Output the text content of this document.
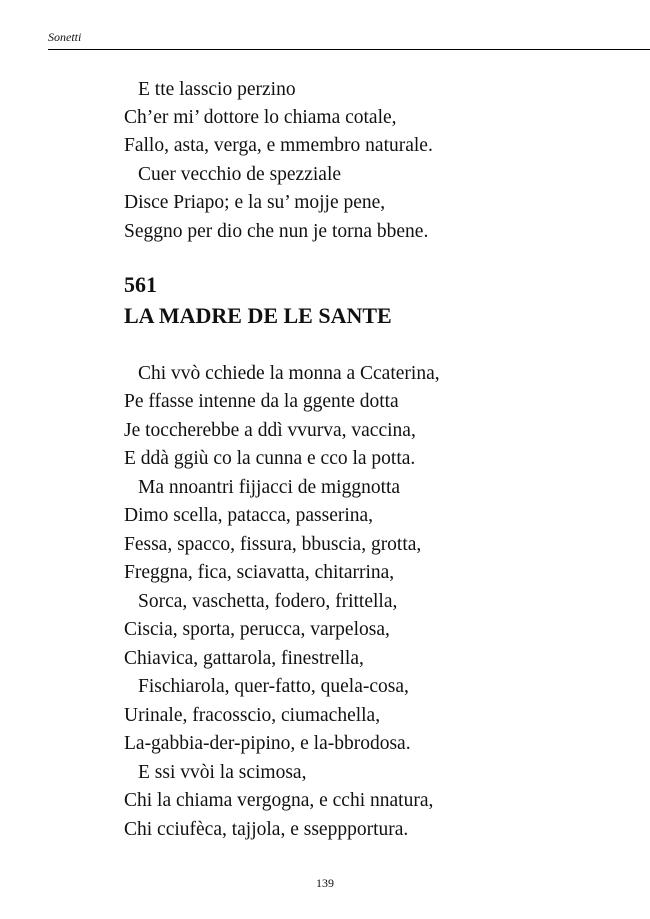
Sonetti
E tte lasscio perzino
Ch’er mi’ dottore lo chiama cotale,
Fallo, asta, verga, e mmembro naturale.
Cuer vecchio de spezziale
Disce Priapo; e la su’ mojje pene,
Seggno per dio che nun je torna bbene.
561
LA MADRE DE LE SANTE
Chi vvò cchiede la monna a Ccaterina,
Pe ffasse intenne da la ggente dotta
Je toccherebbe a ddì vvurva, vaccina,
E ddà ggiù co la cunna e cco la potta.
Ma nnoantri fijjacci de miggnotta
Dimo scella, patacca, passerina,
Fessa, spacco, fissura, bbuscia, grotta,
Freggna, fica, sciavatta, chitarrina,
Sorca, vaschetta, fodero, frittella,
Ciscia, sporta, perucca, varpelosa,
Chiavica, gattarola, finestrella,
Fischiarola, quer-fatto, quela-cosa,
Urinale, fracosscio, ciumachella,
La-gabbia-der-pipino, e la-bbrodosa.
E ssi vvòi la scimosa,
Chi la chiama vergogna, e cchi nnatura,
Chi cciufèca, tajjola, e sseppportura.
139
